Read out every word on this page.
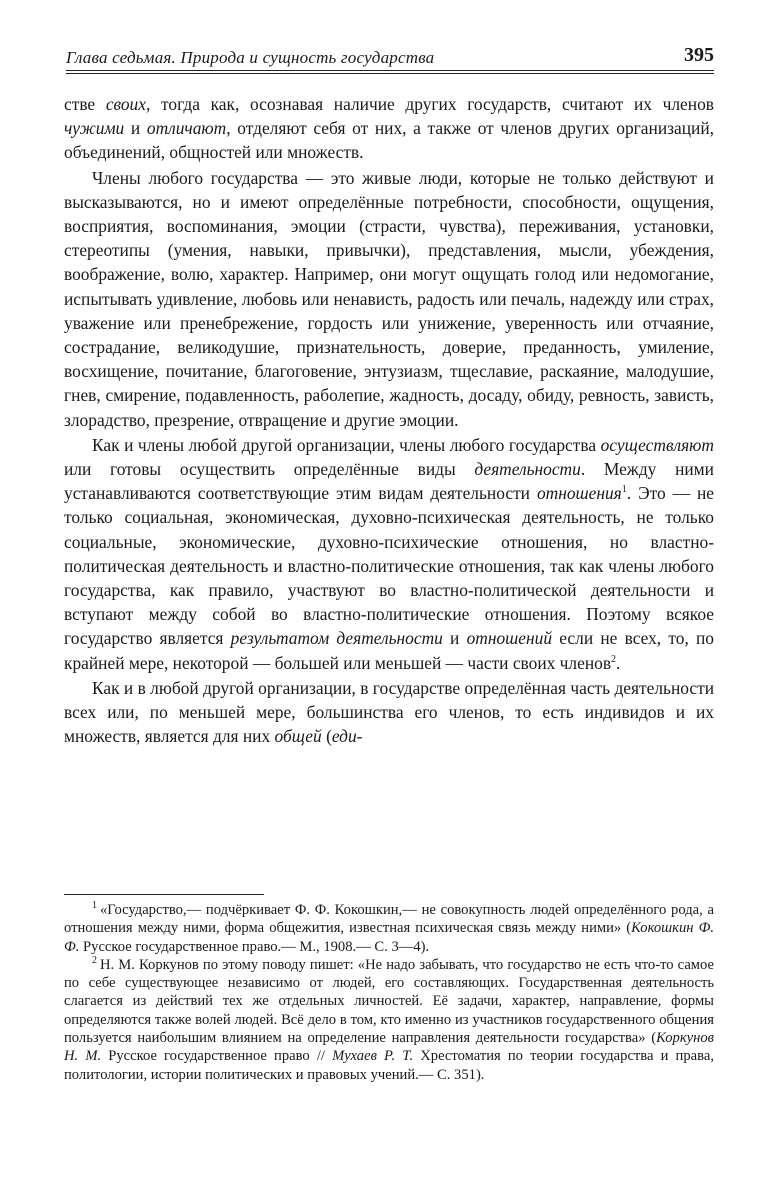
Глава седьмая. Природа и сущность государства	395

стве своих, тогда как, осознавая наличие других государств, считают их членов чужими и отличают, отделяют себя от них, а также от членов других организаций, объединений, общностей или множеств.

Члены любого государства — это живые люди, которые не только действуют и высказываются, но и имеют определённые потребности, способности, ощущения, восприятия, воспоминания, эмоции (страсти, чувства), переживания, установки, стереотипы (умения, навыки, привычки), представления, мысли, убеждения, воображение, волю, характер. Например, они могут ощущать голод или недомогание, испытывать удивление, любовь или ненависть, радость или печаль, надежду или страх, уважение или пренебрежение, гордость или унижение, уверенность или отчаяние, сострадание, великодушие, признательность, доверие, преданность, умиление, восхищение, почитание, благоговение, энтузиазм, тщеславие, раскаяние, малодушие, гнев, смирение, подавленность, раболепие, жадность, досаду, обиду, ревность, зависть, злорадство, презрение, отвращение и другие эмоции.

Как и члены любой другой организации, члены любого государства осуществляют или готовы осуществить определённые виды деятельности. Между ними устанавливаются соответствующие этим видам деятельности отношения$^1$. Это — не только социальная, экономическая, духовно-психическая деятельность, не только социальные, экономические, духовно-психические отношения, но властно-политическая деятельность и властно-политические отношения, так как члены любого государства, как правило, участвуют во властно-политической деятельности и вступают между собой во властно-политические отношения. Поэтому всякое государство является результатом деятельности и отношений если не всех, то, по крайней мере, некоторой — большей или меньшей — части своих членов$^2$.

Как и в любой другой организации, в государстве определённая часть деятельности всех или, по меньшей мере, большинства его членов, то есть индивидов и их множеств, является для них общей (еди-

$^1$ «Государство,— подчёркивает Ф. Ф. Кокошкин,— не совокупность людей определённого рода, а отношения между ними, форма общежития, известная психическая связь между ними» (Кокошкин Ф. Ф. Русское государственное право.— М., 1908.— С. 3—4).

$^2$ Н. М. Коркунов по этому поводу пишет: «Не надо забывать, что государство не есть что-то самое по себе существующее независимо от людей, его составляющих. Государственная деятельность слагается из действий тех же отдельных личностей. Её задачи, характер, направление, формы определяются также волей людей. Всё дело в том, кто именно из участников государственного общения пользуется наибольшим влиянием на определение направления деятельности государства» (Коркунов Н. М. Русское государственное право // Мухаев Р. Т. Хрестоматия по теории государства и права, политологии, истории политических и правовых учений.— С. 351).
